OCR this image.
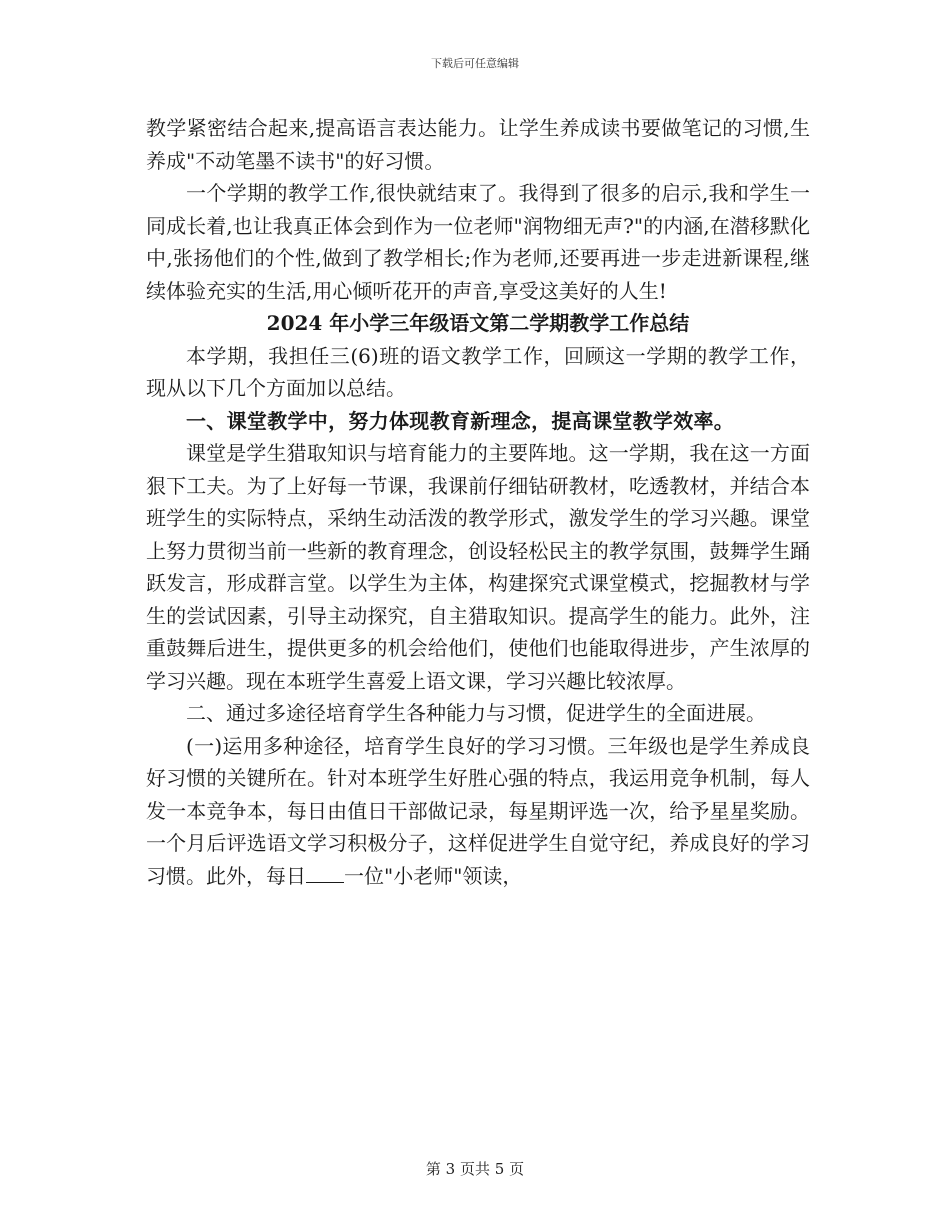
下载后可任意编辑

教学紧密结合起来,提高语言表达能力。让学生养成读书要做笔记的习惯,生养成"不动笔墨不读书"的好习惯。

一个学期的教学工作,很快就结束了。我得到了很多的启示,我和学生一同成长着,也让我真正体会到作为一位老师"润物细无声?"的内涵,在潜移默化中,张扬他们的个性,做到了教学相长;作为老师,还要再进一步走进新课程,继续体验充实的生活,用心倾听花开的声音,享受这美好的人生!

2024 年小学三年级语文第二学期教学工作总结

本学期，我担任三(6)班的语文教学工作，回顾这一学期的教学工作，现从以下几个方面加以总结。

一、课堂教学中，努力体现教育新理念，提高课堂教学效率。

课堂是学生猎取知识与培育能力的主要阵地。这一学期，我在这一方面狠下工夫。为了上好每一节课，我课前仔细钻研教材，吃透教材，并结合本班学生的实际特点，采纳生动活泼的教学形式，激发学生的学习兴趣。课堂上努力贯彻当前一些新的教育理念，创设轻松民主的教学氛围，鼓舞学生踊跃发言，形成群言堂。以学生为主体，构建探究式课堂模式，挖掘教材与学生的尝试因素，引导主动探究，自主猎取知识。提高学生的能力。此外，注重鼓舞后进生，提供更多的机会给他们，使他们也能取得进步，产生浓厚的学习兴趣。现在本班学生喜爱上语文课，学习兴趣比较浓厚。

二、通过多途径培育学生各种能力与习惯，促进学生的全面进展。

(一)运用多种途径，培育学生良好的学习习惯。三年级也是学生养成良好习惯的关键所在。针对本班学生好胜心强的特点，我运用竞争机制，每人发一本竞争本，每日由值日干部做记录，每星期评选一次，给予星星奖励。一个月后评选语文学习积极分子，这样促进学生自觉守纪，养成良好的学习习惯。此外，每日 一位"小老师"领读，

第 3 页共 5 页
